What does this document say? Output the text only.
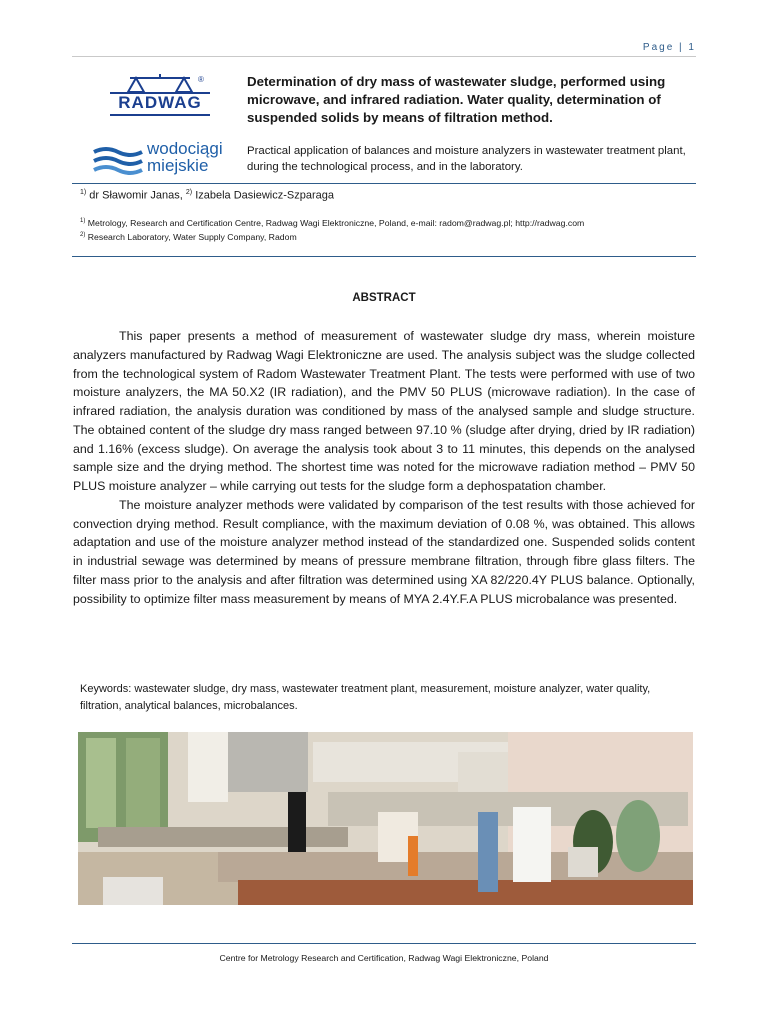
Page | 1
RADWAG
®
wodociągi
miejskie
Determination of dry mass of wastewater sludge, performed using microwave, and infrared radiation. Water quality, determination of suspended solids by means of filtration method.

Practical application of balances and moisture analyzers in wastewater treatment plant, during the technological process, and in the laboratory.

$^{1)}$ dr Sławomir Janas, $^{2)}$ Izabela Dasiewicz-Szparaga
$^{1)}$ Metrology, Research and Certification Centre, Radwag Wagi Elektroniczne, Poland, e-mail: radom@radwag.pl; http://radwag.com
$^{2)}$ Research Laboratory, Water Supply Company, Radom
ABSTRACT

This paper presents a method of measurement of wastewater sludge dry mass, wherein moisture analyzers manufactured by Radwag Wagi Elektroniczne are used. The analysis subject was the sludge collected from the technological system of Radom Wastewater Treatment Plant. The tests were performed with use of two moisture analyzers, the MA 50.X2 (IR radiation), and the PMV 50 PLUS (microwave radiation). In the case of infrared radiation, the analysis duration was conditioned by mass of the analysed sample and sludge structure. The obtained content of the sludge dry mass ranged between 97.10 % (sludge after drying, dried by IR radiation) and 1.16% (excess sludge). On average the analysis took about 3 to 11 minutes, this depends on the analysed sample size and the drying method. The shortest time was noted for the microwave radiation method – PMV 50 PLUS moisture analyzer – while carrying out tests for the sludge form a dephospatation chamber.

The moisture analyzer methods were validated by comparison of the test results with those achieved for convection drying method. Result compliance, with the maximum deviation of 0.08 %, was obtained. This allows adaptation and use of the moisture analyzer method instead of the standardized one. Suspended solids content in industrial sewage was determined by means of pressure membrane filtration, through fibre glass filters. The filter mass prior to the analysis and after filtration was determined using XA 82/220.4Y PLUS balance. Optionally, possibility to optimize filter mass measurement by means of MYA 2.4Y.F.A PLUS microbalance was presented.

Keywords: wastewater sludge, dry mass, wastewater treatment plant, measurement, moisture analyzer, water quality, filtration, analytical balances, microbalances.
Centre for Metrology Research and Certification, Radwag Wagi Elektroniczne, Poland
